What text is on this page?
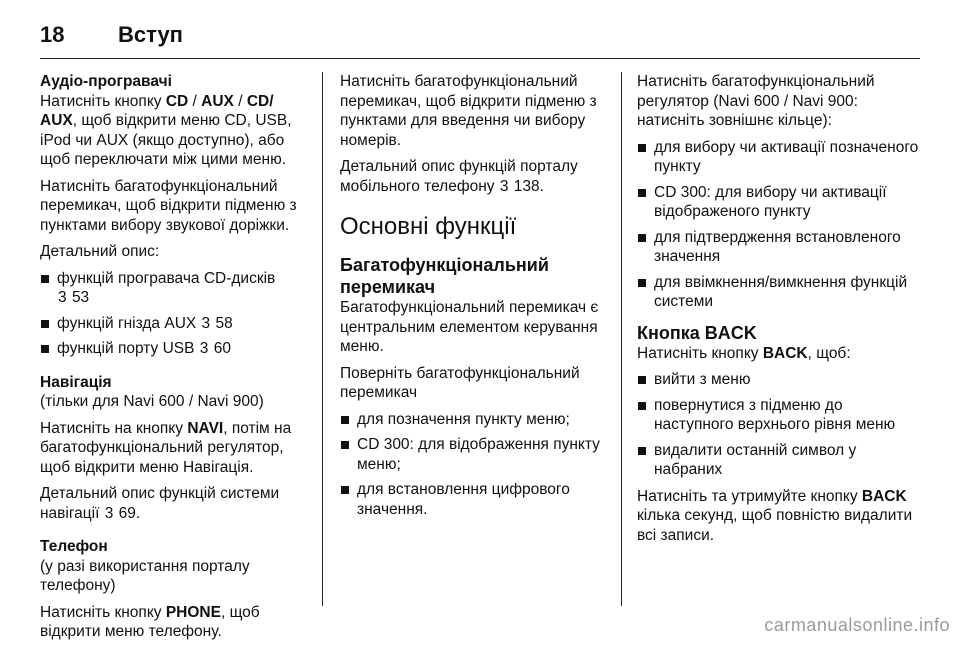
18 Вступ
Аудіо-програвачі

Натисніть кнопку CD / AUX / CD/ AUX, щоб відкрити меню CD, USB, iPod чи AUX (якщо доступно), або щоб переключати між цими меню.

Натисніть багатофункціональний перемикач, щоб відкрити підменю з пунктами вибору звукової доріжки.

Детальний опис:

функцій програвача CD-дисків
3 53
функцій гнізда AUX 3 58
функцій порту USB 3 60
Навігація

(тільки для Navi 600 / Navi 900)

Натисніть на кнопку NAVI, потім на багатофункціональний регулятор, щоб відкрити меню Навігація.

Детальний опис функцій системи навігації 3 69.

Телефон

(у разі використання порталу телефону)

Натисніть кнопку PHONE, щоб відкрити меню телефону.

Натисніть багатофункціональний перемикач, щоб відкрити підменю з пунктами для введення чи вибору номерів.

Детальний опис функцій порталу мобільного телефону 3 138.

Основні функції
Багатофункціональний перемикач

Багатофункціональний перемикач є центральним елементом керування меню.

Поверніть багатофункціональний перемикач

для позначення пункту меню;
CD 300: для відображення пункту меню;
для встановлення цифрового значення.

Натисніть багатофункціональний регулятор (Navi 600 / Navi 900: натисніть зовнішнє кільце):

для вибору чи активації позначеного пункту
CD 300: для вибору чи активації відображеного пункту
для підтвердження встановленого значення
для ввімкнення/вимкнення функцій системи
Кнопка BACK

Натисніть кнопку BACK, щоб:

вийти з меню
повернутися з підменю до наступного верхнього рівня меню
видалити останній символ у набраних

Натисніть та утримуйте кнопку BACK кілька секунд, щоб повністю видалити всі записи.

carmanualsonline.info
